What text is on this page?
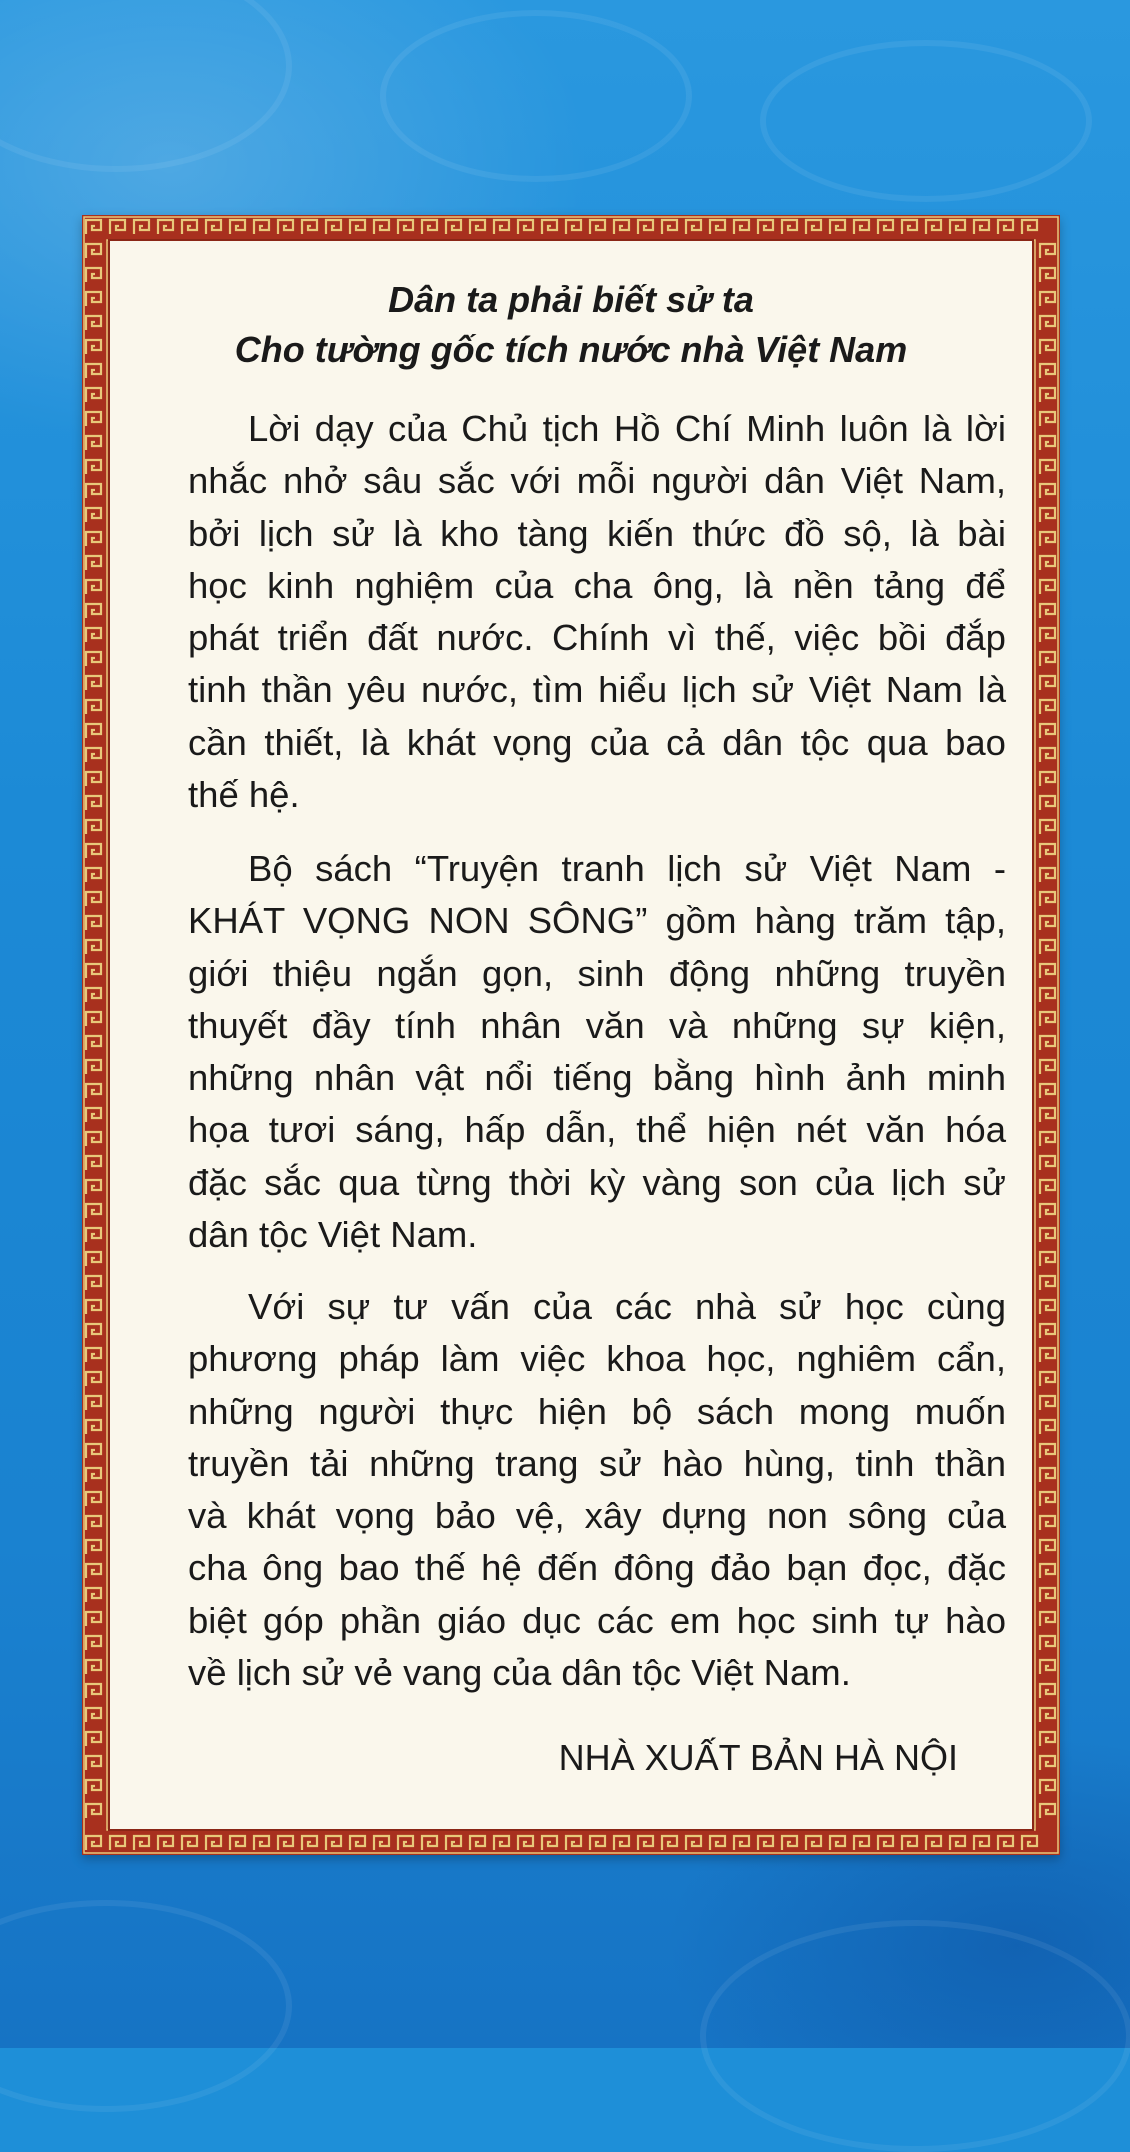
Dân ta phải biết sử ta
Cho tường gốc tích nước nhà Việt Nam
Lời dạy của Chủ tịch Hồ Chí Minh luôn là lời
nhắc nhở sâu sắc với mỗi người dân Việt Nam,
bởi lịch sử là kho tàng kiến thức đồ sộ, là bài
học kinh nghiệm của cha ông, là nền tảng để
phát triển đất nước. Chính vì thế, việc bồi đắp
tinh thần yêu nước, tìm hiểu lịch sử Việt Nam là
cần thiết, là khát vọng của cả dân tộc qua bao
thế hệ.
Bộ sách “Truyện tranh lịch sử Việt Nam -
KHÁT VỌNG NON SÔNG” gồm hàng trăm tập,
giới thiệu ngắn gọn, sinh động những truyền
thuyết đầy tính nhân văn và những sự kiện,
những nhân vật nổi tiếng bằng hình ảnh minh
họa tươi sáng, hấp dẫn, thể hiện nét văn hóa
đặc sắc qua từng thời kỳ vàng son của lịch sử
dân tộc Việt Nam.
Với sự tư vấn của các nhà sử học cùng
phương pháp làm việc khoa học, nghiêm cẩn,
những người thực hiện bộ sách mong muốn
truyền tải những trang sử hào hùng, tinh thần
và khát vọng bảo vệ, xây dựng non sông của
cha ông bao thế hệ đến đông đảo bạn đọc, đặc
biệt góp phần giáo dục các em học sinh tự hào
về lịch sử vẻ vang của dân tộc Việt Nam.
NHÀ XUẤT BẢN HÀ NỘI
